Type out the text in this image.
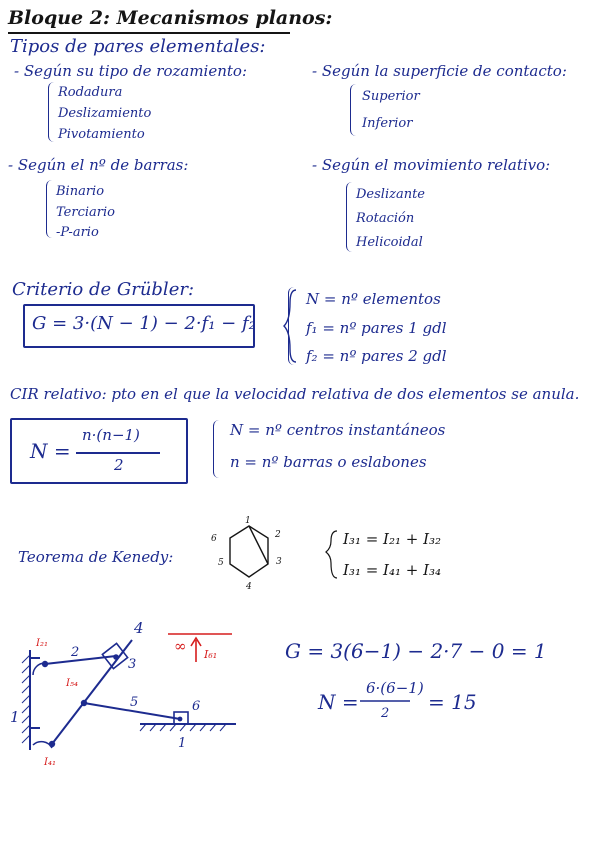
Bloque 2: Mecanismos planos:
Tipos de pares elementales:
- Según su tipo de rozamiento:
Rodadura
Deslizamiento
Pivotamiento
- Según la superficie de contacto:
Superior
Inferior
- Según el nº de barras:
Binario
Terciario
-P-ario
- Según el movimiento relativo:
Deslizante
Rotación
Helicoidal
Criterio de Grübler:
G = 3·(N − 1) − 2·f₁ − f₂
N = nº elementos
f₁ = nº pares 1 gdl
f₂ = nº pares 2 gdl
CIR relativo: pto en el que la velocidad relativa de dos elementos se anula.
N =
n·(n−1)
2
N = nº centros instantáneos
n = nº barras o eslabones
Teorema de Kenedy:
1
2
3
4
5
6	I₃₁ = I₂₁ + I₃₂
I₃₁ = I₄₁ + I₃₄
1
2
3
4
5	6
1
I₂₁
I₅₄
I₄₁
I₆₁
∞	G = 3(6−1) − 2·7 − 0 = 1
N =
6·(6−1)
2 = 15
